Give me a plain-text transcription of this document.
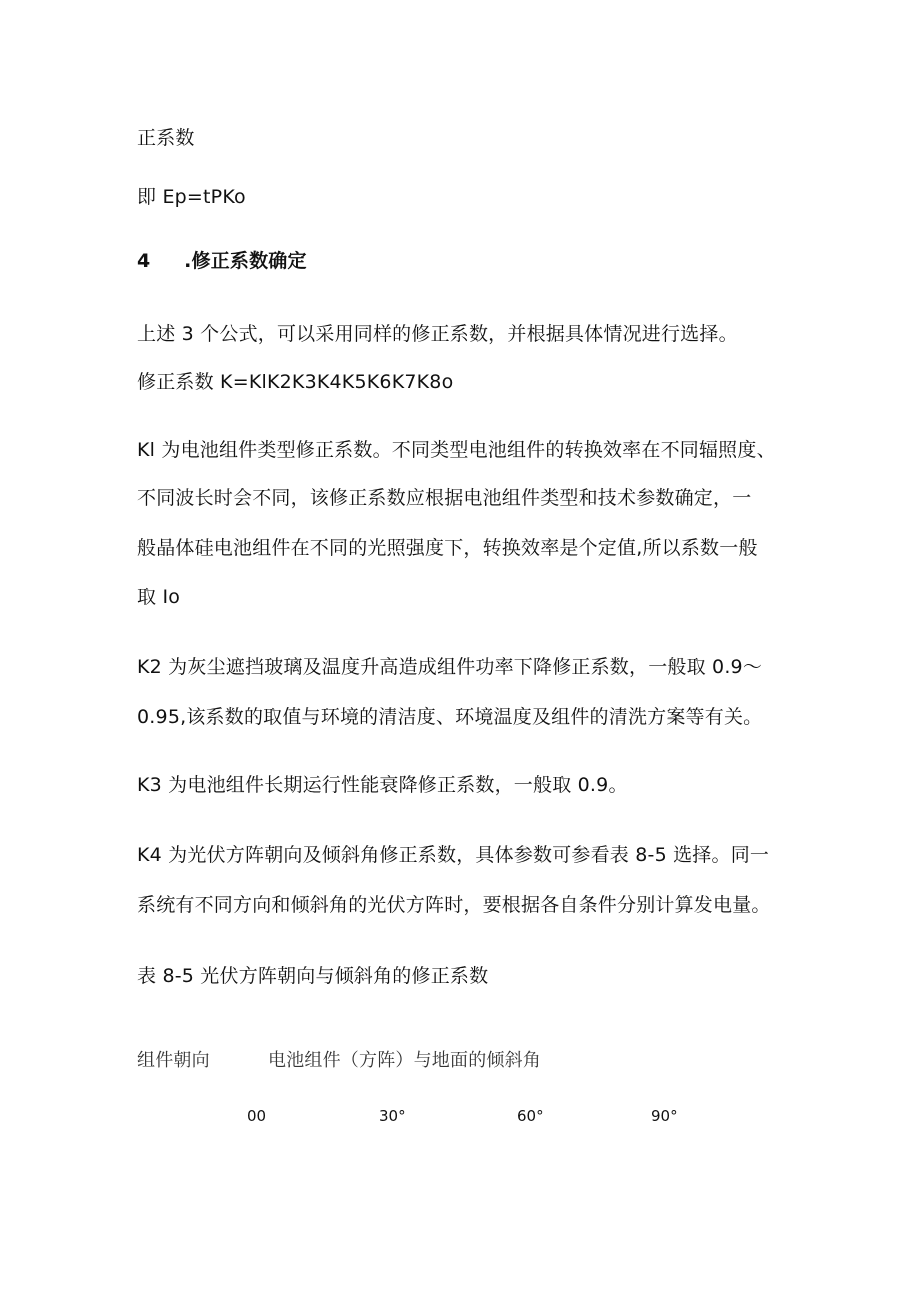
正系数
即 Ep=tPKo
4 .修正系数确定
上述 3 个公式，可以采用同样的修正系数，并根据具体情况进行选择。
修正系数 K=KlK2K3K4K5K6K7K8o
Kl 为电池组件类型修正系数。不同类型电池组件的转换效率在不同辐照度、
不同波长时会不同，该修正系数应根据电池组件类型和技术参数确定，一
般晶体硅电池组件在不同的光照强度下，转换效率是个定值,所以系数一般
取 Io
K2 为灰尘遮挡玻璃及温度升高造成组件功率下降修正系数，一般取 0.9～
0.95,该系数的取值与环境的清洁度、环境温度及组件的清洗方案等有关。
K3 为电池组件长期运行性能衰降修正系数，一般取 0.9。
K4 为光伏方阵朝向及倾斜角修正系数，具体参数可参看表 8-5 选择。同一
系统有不同方向和倾斜角的光伏方阵时，要根据各自条件分别计算发电量。
表 8-5 光伏方阵朝向与倾斜角的修正系数
组件朝向	电池组件（方阵）与地面的倾斜角
00	30°	60°	90°
